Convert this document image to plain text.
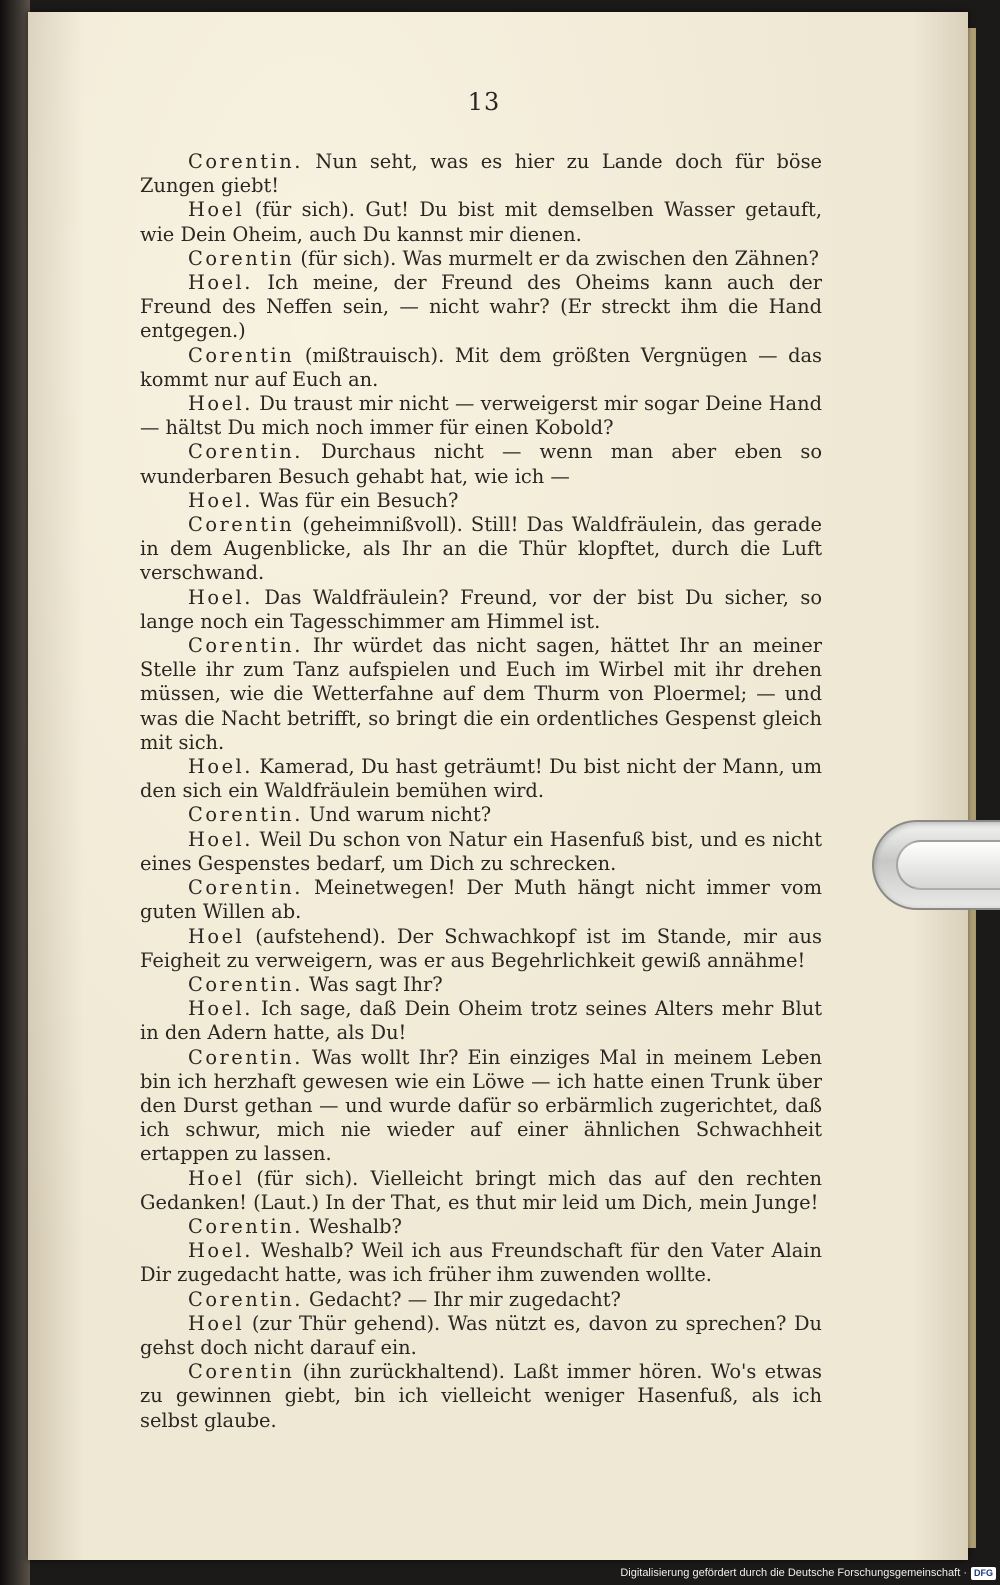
13

Corentin. Nun seht, was es hier zu Lande doch für böse Zungen giebt!

Hoel (für sich). Gut! Du bist mit demselben Wasser getauft, wie Dein Oheim, auch Du kannst mir dienen.

Corentin (für sich). Was murmelt er da zwischen den Zähnen?

Hoel. Ich meine, der Freund des Oheims kann auch der Freund des Neffen sein, — nicht wahr? (Er streckt ihm die Hand entgegen.)

Corentin (mißtrauisch). Mit dem größten Vergnügen — das kommt nur auf Euch an.

Hoel. Du traust mir nicht — verweigerst mir sogar Deine Hand — hältst Du mich noch immer für einen Kobold?

Corentin. Durchaus nicht — wenn man aber eben so wunderbaren Besuch gehabt hat, wie ich —

Hoel. Was für ein Besuch?

Corentin (geheimnißvoll). Still! Das Waldfräulein, das gerade in dem Augenblicke, als Ihr an die Thür klopftet, durch die Luft verschwand.

Hoel. Das Waldfräulein? Freund, vor der bist Du sicher, so lange noch ein Tagesschimmer am Himmel ist.

Corentin. Ihr würdet das nicht sagen, hättet Ihr an meiner Stelle ihr zum Tanz aufspielen und Euch im Wirbel mit ihr drehen müssen, wie die Wetterfahne auf dem Thurm von Ploermel; — und was die Nacht betrifft, so bringt die ein ordentliches Gespenst gleich mit sich.

Hoel. Kamerad, Du hast geträumt! Du bist nicht der Mann, um den sich ein Waldfräulein bemühen wird.

Corentin. Und warum nicht?

Hoel. Weil Du schon von Natur ein Hasenfuß bist, und es nicht eines Gespenstes bedarf, um Dich zu schrecken.

Corentin. Meinetwegen! Der Muth hängt nicht immer vom guten Willen ab.

Hoel (aufstehend). Der Schwachkopf ist im Stande, mir aus Feigheit zu verweigern, was er aus Begehrlichkeit gewiß annähme!

Corentin. Was sagt Ihr?

Hoel. Ich sage, daß Dein Oheim trotz seines Alters mehr Blut in den Adern hatte, als Du!

Corentin. Was wollt Ihr? Ein einziges Mal in meinem Leben bin ich herzhaft gewesen wie ein Löwe — ich hatte einen Trunk über den Durst gethan — und wurde dafür so erbärmlich zugerichtet, daß ich schwur, mich nie wieder auf einer ähnlichen Schwachheit ertappen zu lassen.

Hoel (für sich). Vielleicht bringt mich das auf den rechten Gedanken! (Laut.) In der That, es thut mir leid um Dich, mein Junge!

Corentin. Weshalb?

Hoel. Weshalb? Weil ich aus Freundschaft für den Vater Alain Dir zugedacht hatte, was ich früher ihm zuwenden wollte.

Corentin. Gedacht? — Ihr mir zugedacht?

Hoel (zur Thür gehend). Was nützt es, davon zu sprechen? Du gehst doch nicht darauf ein.

Corentin (ihn zurückhaltend). Laßt immer hören. Wo's etwas zu gewinnen giebt, bin ich vielleicht weniger Hasenfuß, als ich selbst glaube.

Digitalisierung gefördert durch die Deutsche Forschungsgemeinschaft · DFG
